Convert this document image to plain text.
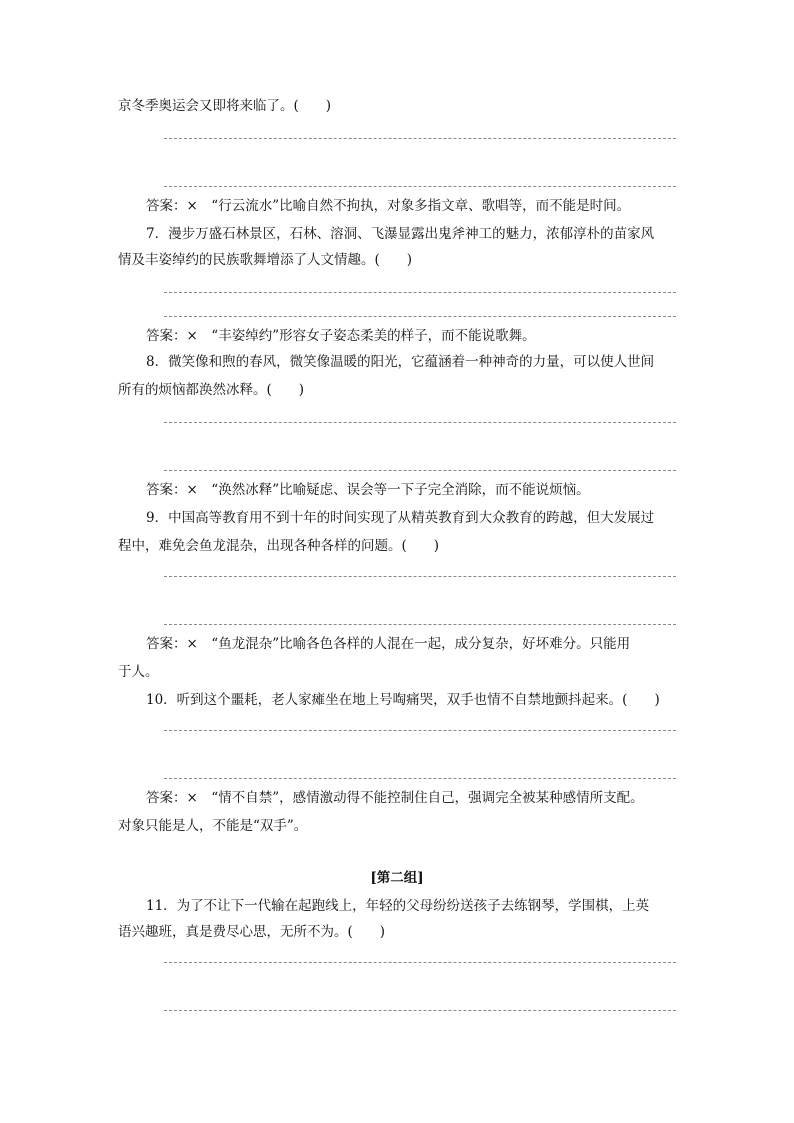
京冬季奥运会又即将来临了。(　　)
答案：×　“行云流水”比喻自然不拘执，对象多指文章、歌唱等，而不能是时间。
7．漫步万盛石林景区，石林、溶洞、飞瀑显露出鬼斧神工的魅力，浓郁淳朴的苗家风
情及丰姿绰约的民族歌舞增添了人文情趣。(　　)
答案：×　“丰姿绰约”形容女子姿态柔美的样子，而不能说歌舞。
8．微笑像和煦的春风，微笑像温暖的阳光，它蕴涵着一种神奇的力量，可以使人世间
所有的烦恼都涣然冰释。(　　)
答案：×　“涣然冰释”比喻疑虑、误会等一下子完全消除，而不能说烦恼。
9．中国高等教育用不到十年的时间实现了从精英教育到大众教育的跨越，但大发展过
程中，难免会鱼龙混杂，出现各种各样的问题。(　　)
答案：×　“鱼龙混杂”比喻各色各样的人混在一起，成分复杂，好坏难分。只能用
于人。
10．听到这个噩耗，老人家瘫坐在地上号啕痛哭，双手也情不自禁地颤抖起来。(　　)
答案：×　“情不自禁”，感情激动得不能控制住自己，强调完全被某种感情所支配。
对象只能是人，不能是“双手”。
[第二组]
11．为了不让下一代输在起跑线上，年轻的父母纷纷送孩子去练钢琴，学围棋，上英
语兴趣班，真是费尽心思，无所不为。(　　)
